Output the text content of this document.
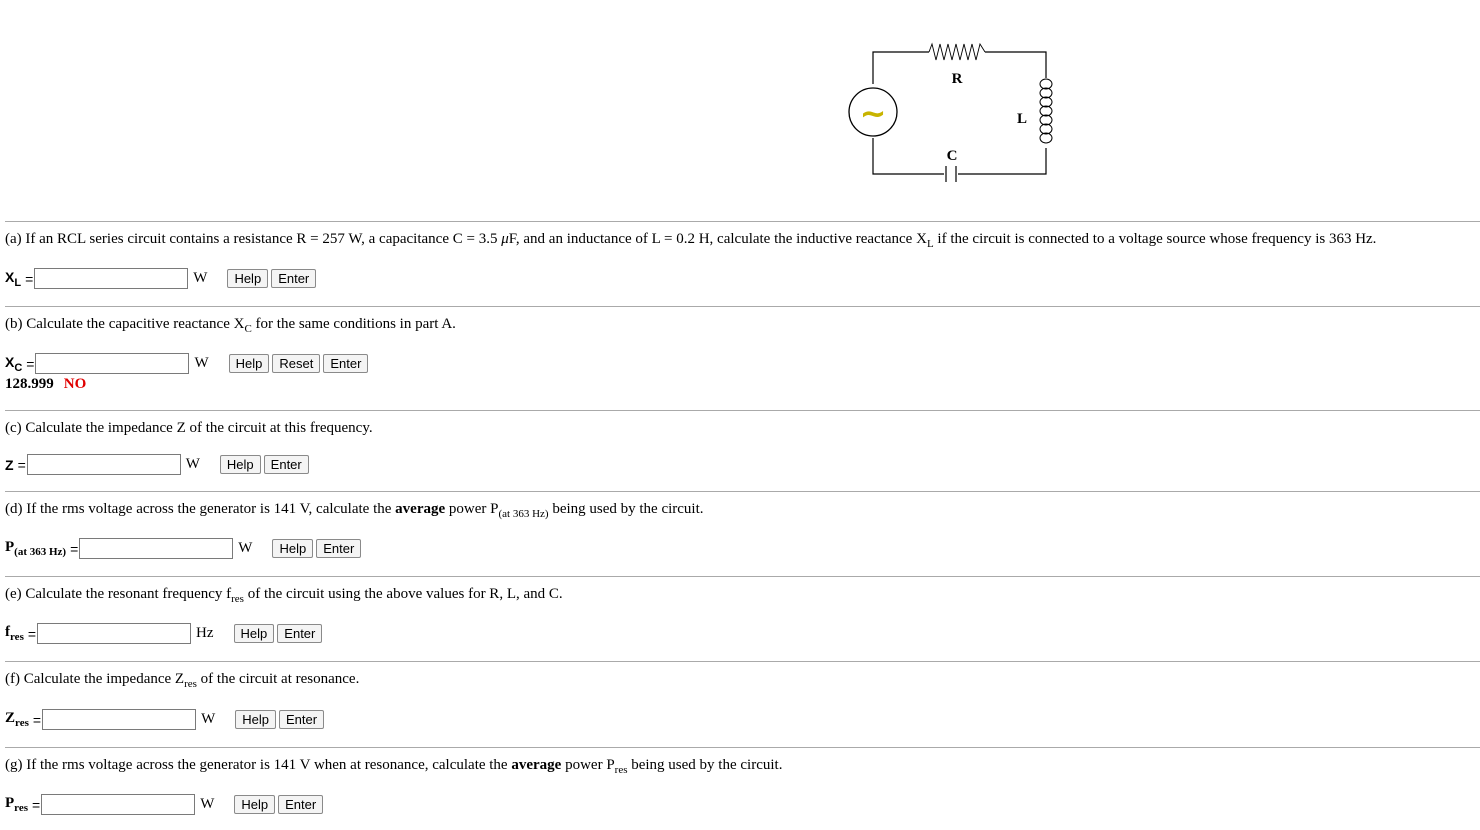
R
L
C
~
(a) If an RCL series circuit contains a resistance R = 257 W, a capacitance C = 3.5 μF, and an inductance of L = 0.2 H, calculate the inductive reactance $X_L$ if the circuit is connected to a voltage source whose frequency is 363 Hz.
$X_L$ =	W	Help	Enter
(b) Calculate the capacitive reactance $X_C$ for the same conditions in part A.
$X_C$ =	W	Help	Reset	Enter
128.999 NO
(c) Calculate the impedance Z of the circuit at this frequency.
Z =	W	Help	Enter
(d) If the rms voltage across the generator is 141 V, calculate the average power $P_{(at 363 Hz)}$ being used by the circuit.
$P_{(at 363 Hz)}$ =	W	Help	Enter
(e) Calculate the resonant frequency $f_{res}$ of the circuit using the above values for R, L, and C.
$f_{res}$ =	Hz	Help	Enter
(f) Calculate the impedance $Z_{res}$ of the circuit at resonance.
$Z_{res}$ =	W	Help	Enter
(g) If the rms voltage across the generator is 141 V when at resonance, calculate the average power $P_{res}$ being used by the circuit.
$P_{res}$ =	W	Help	Enter
